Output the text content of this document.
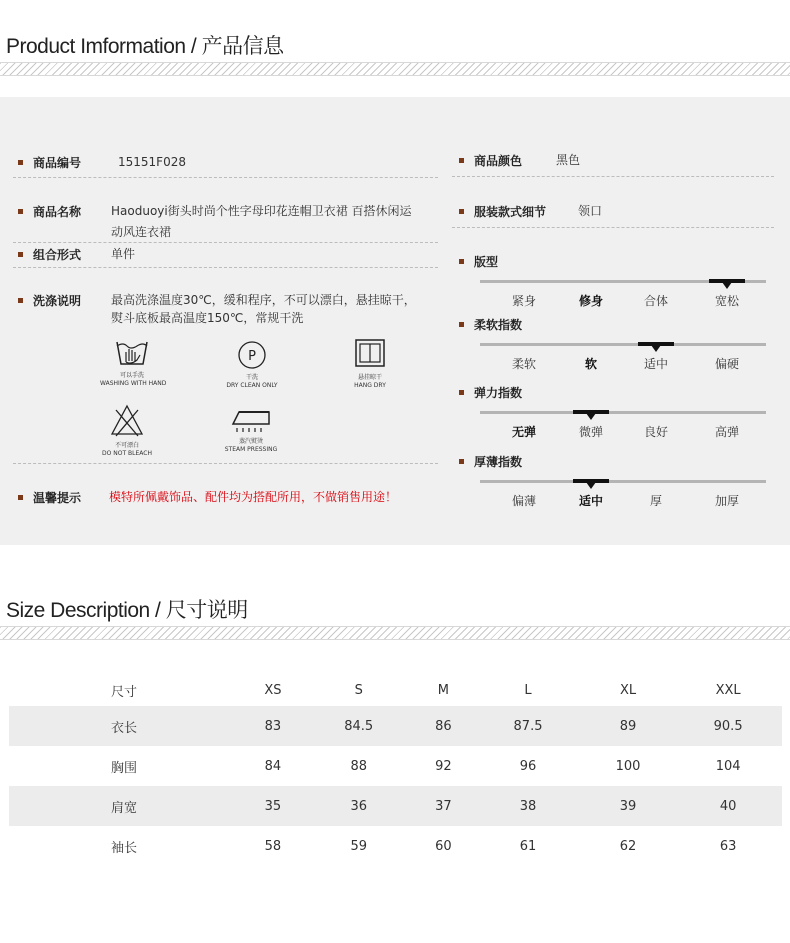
Product Imformation / 产品信息
商品编号	15151F028
商品名称 Haoduoyi街头时尚个性字母印花连帽卫衣裙 百搭休闲运
动风连衣裙
组合形式 单件
洗涤说明 最高洗涤温度30℃，缓和程序，不可以漂白，悬挂晾干，
熨斗底板最高温度150℃，常规干洗
可以手洗
WASHING WITH HAND
P
干洗
DRY CLEAN ONLY
悬挂晾干
HANG DRY
不可漂白
DO NOT BLEACH
蒸汽熨烫
STEAM PRESSING
温馨提示 模特所佩戴饰品、配件均为搭配所用，不做销售用途！
商品颜色	黑色
服装款式细节	领口
版型
紧身	修身	合体	宽松
柔软指数
柔软	软	适中	偏硬
弹力指数
无弹	微弹	良好	高弹
厚薄指数
偏薄	适中	厚	加厚
Size Description / 尺寸说明
尺寸	XS	S	M	L	XL	XXL
衣长	83	84.5	86	87.5	89	90.5
胸围	84	88	92	96	100	104
肩宽	35	36	37	38	39	40
袖长	58	59	60	61	62	63
